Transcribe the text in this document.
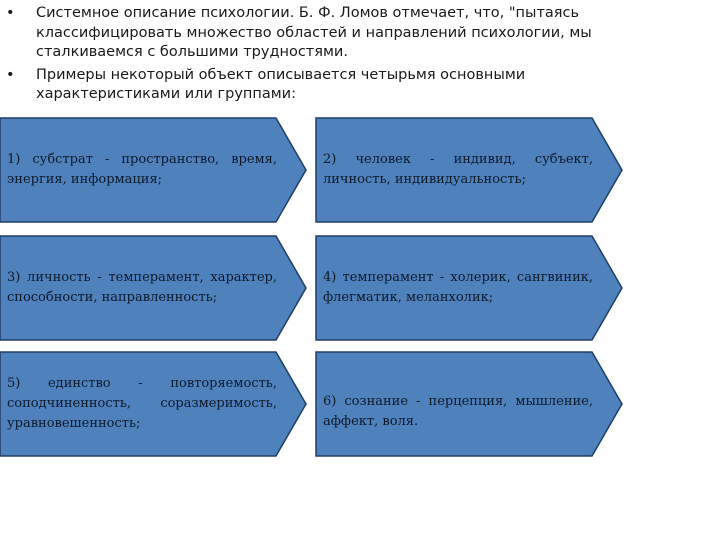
• Системное описание психологии. Б. Ф. Ломов отмечает, что, "пытаясь классифицировать множество областей и направлений психологии, мы сталкиваемся с большими трудностями.
• Примеры некоторый объект описывается четырьмя основными характеристиками или группами:
1) субстрат - пространство, время, энергия, информация;
2) человек - индивид, субъект, личность, индивидуальность;
3) личность - темперамент, характер, способности, направленность;
4) темперамент - холерик, сангвиник, флегматик, меланхолик;
5) единство - повторяемость, соподчиненность, соразмеримость, уравновешенность;
6) сознание - перцепция, мышление, аффект, воля.
